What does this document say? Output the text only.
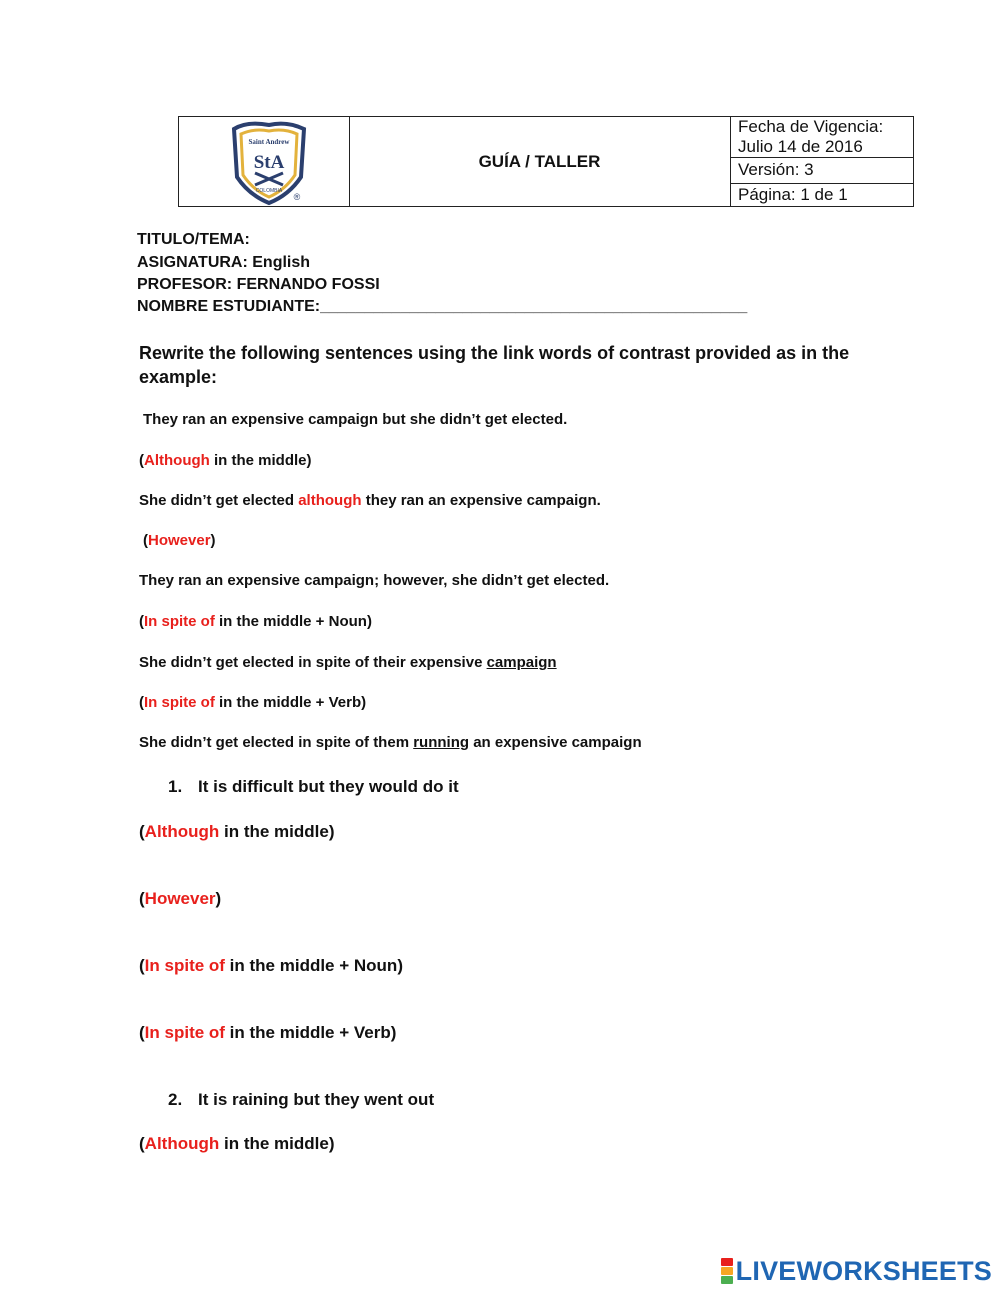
Saint Andrew
StA
COLOMBIA
®
GUÍA / TALLER
Fecha de Vigencia: Julio 14 de 2016
Versión: 3
Página: 1 de 1
TITULO/TEMA:
ASIGNATURA: English
PROFESOR: FERNANDO FOSSI
NOMBRE ESTUDIANTE:________________________________________________
Rewrite the following sentences using the link words of contrast provided as in the example:
They ran an expensive campaign but she didn’t get elected.
(Although in the middle)
She didn’t get elected although they ran an expensive campaign.
(However)
They ran an expensive campaign; however, she didn’t get elected.
(In spite of in the middle + Noun)
She didn’t get elected in spite of their expensive campaign
(In spite of in the middle + Verb)
She didn’t get elected in spite of them running an expensive campaign
1. It is difficult but they would do it
(Although in the middle)
(However)
(In spite of in the middle + Noun)
(In spite of in the middle + Verb)
2. It is raining but they went out
(Although in the middle)
LIVEWORKSHEETS
